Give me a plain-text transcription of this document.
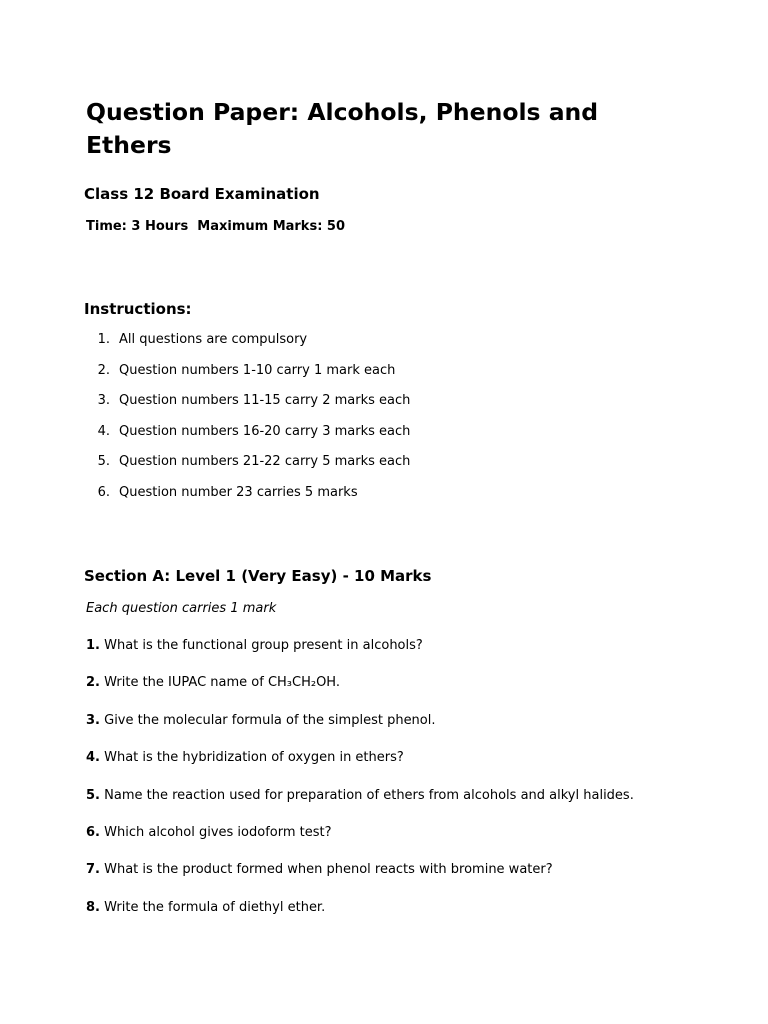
Question Paper: Alcohols, Phenols and Ethers
Class 12 Board Examination

Time: 3 Hours Maximum Marks: 50

Instructions:
1. All questions are compulsory
2. Question numbers 1-10 carry 1 mark each
3. Question numbers 11-15 carry 2 marks each
4. Question numbers 16-20 carry 3 marks each
5. Question numbers 21-22 carry 5 marks each
6. Question number 23 carries 5 marks
Section A: Level 1 (Very Easy) - 10 Marks

Each question carries 1 mark

1. What is the functional group present in alcohols?
2. Write the IUPAC name of CH₃CH₂OH.
3. Give the molecular formula of the simplest phenol.
4. What is the hybridization of oxygen in ethers?
5. Name the reaction used for preparation of ethers from alcohols and alkyl halides.
6. Which alcohol gives iodoform test?
7. What is the product formed when phenol reacts with bromine water?
8. Write the formula of diethyl ether.
